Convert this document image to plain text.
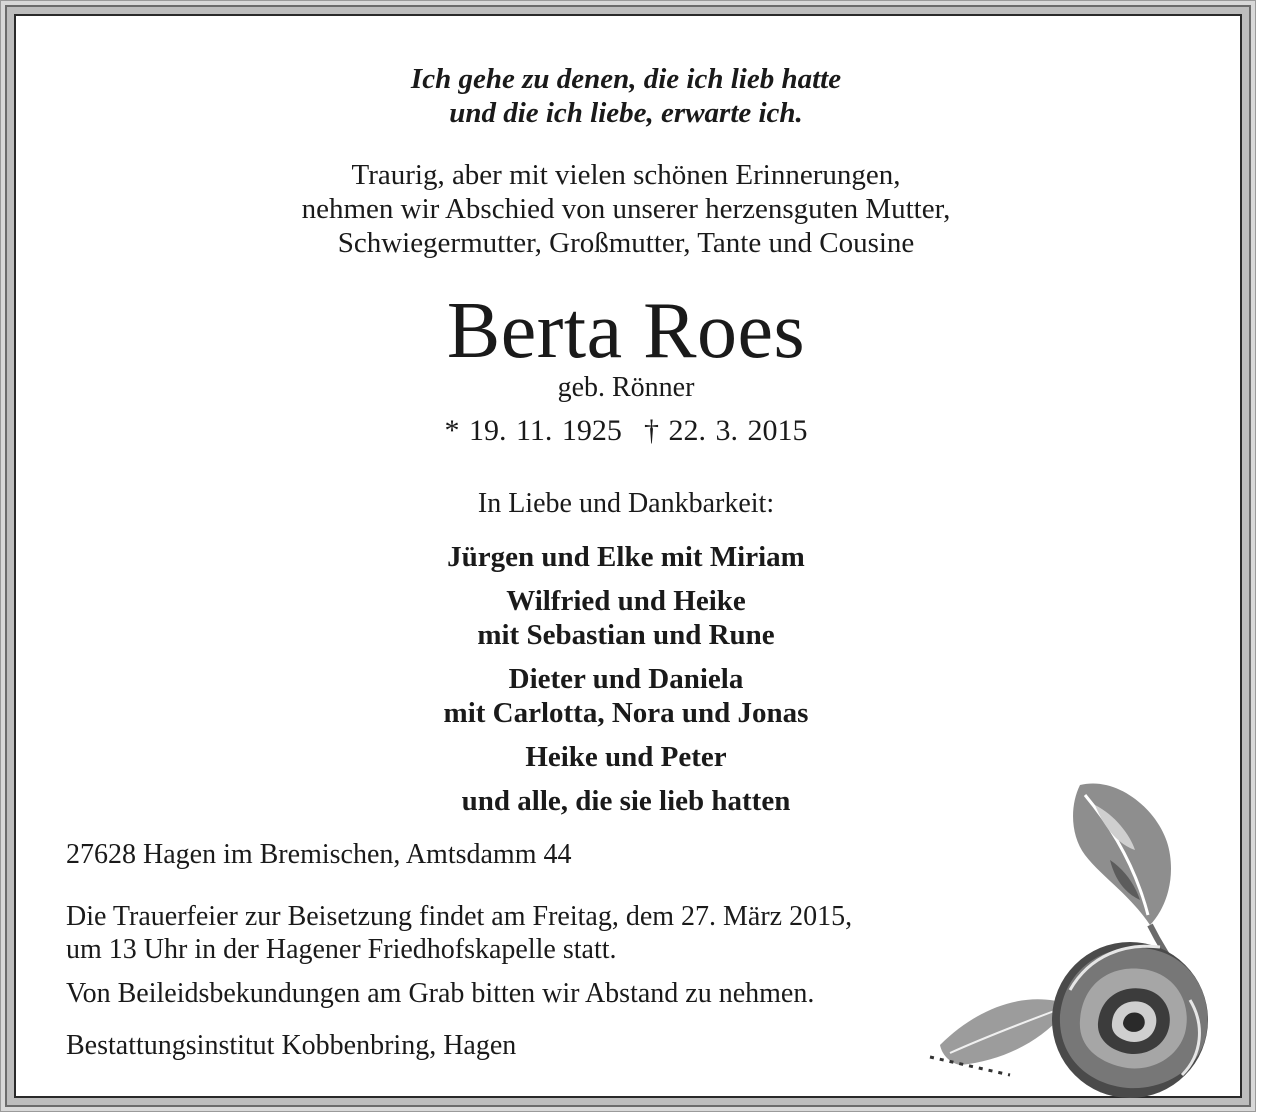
Ich gehe zu denen, die ich lieb hatte
und die ich liebe, erwarte ich.
Traurig, aber mit vielen schönen Erinnerungen,
nehmen wir Abschied von unserer herzensguten Mutter,
Schwiegermutter, Großmutter, Tante und Cousine
Berta Roes
geb. Rönner
* 19. 11. 1925 † 22. 3. 2015
In Liebe und Dankbarkeit:
Jürgen und Elke mit Miriam
Wilfried und Heike
mit Sebastian und Rune
Dieter und Daniela
mit Carlotta, Nora und Jonas
Heike und Peter
und alle, die sie lieb hatten
27628 Hagen im Bremischen, Amtsdamm 44
Die Trauerfeier zur Beisetzung findet am Freitag, dem 27. März 2015,
um 13 Uhr in der Hagener Friedhofskapelle statt.
Von Beileidsbekundungen am Grab bitten wir Abstand zu nehmen.
Bestattungsinstitut Kobbenbring, Hagen
